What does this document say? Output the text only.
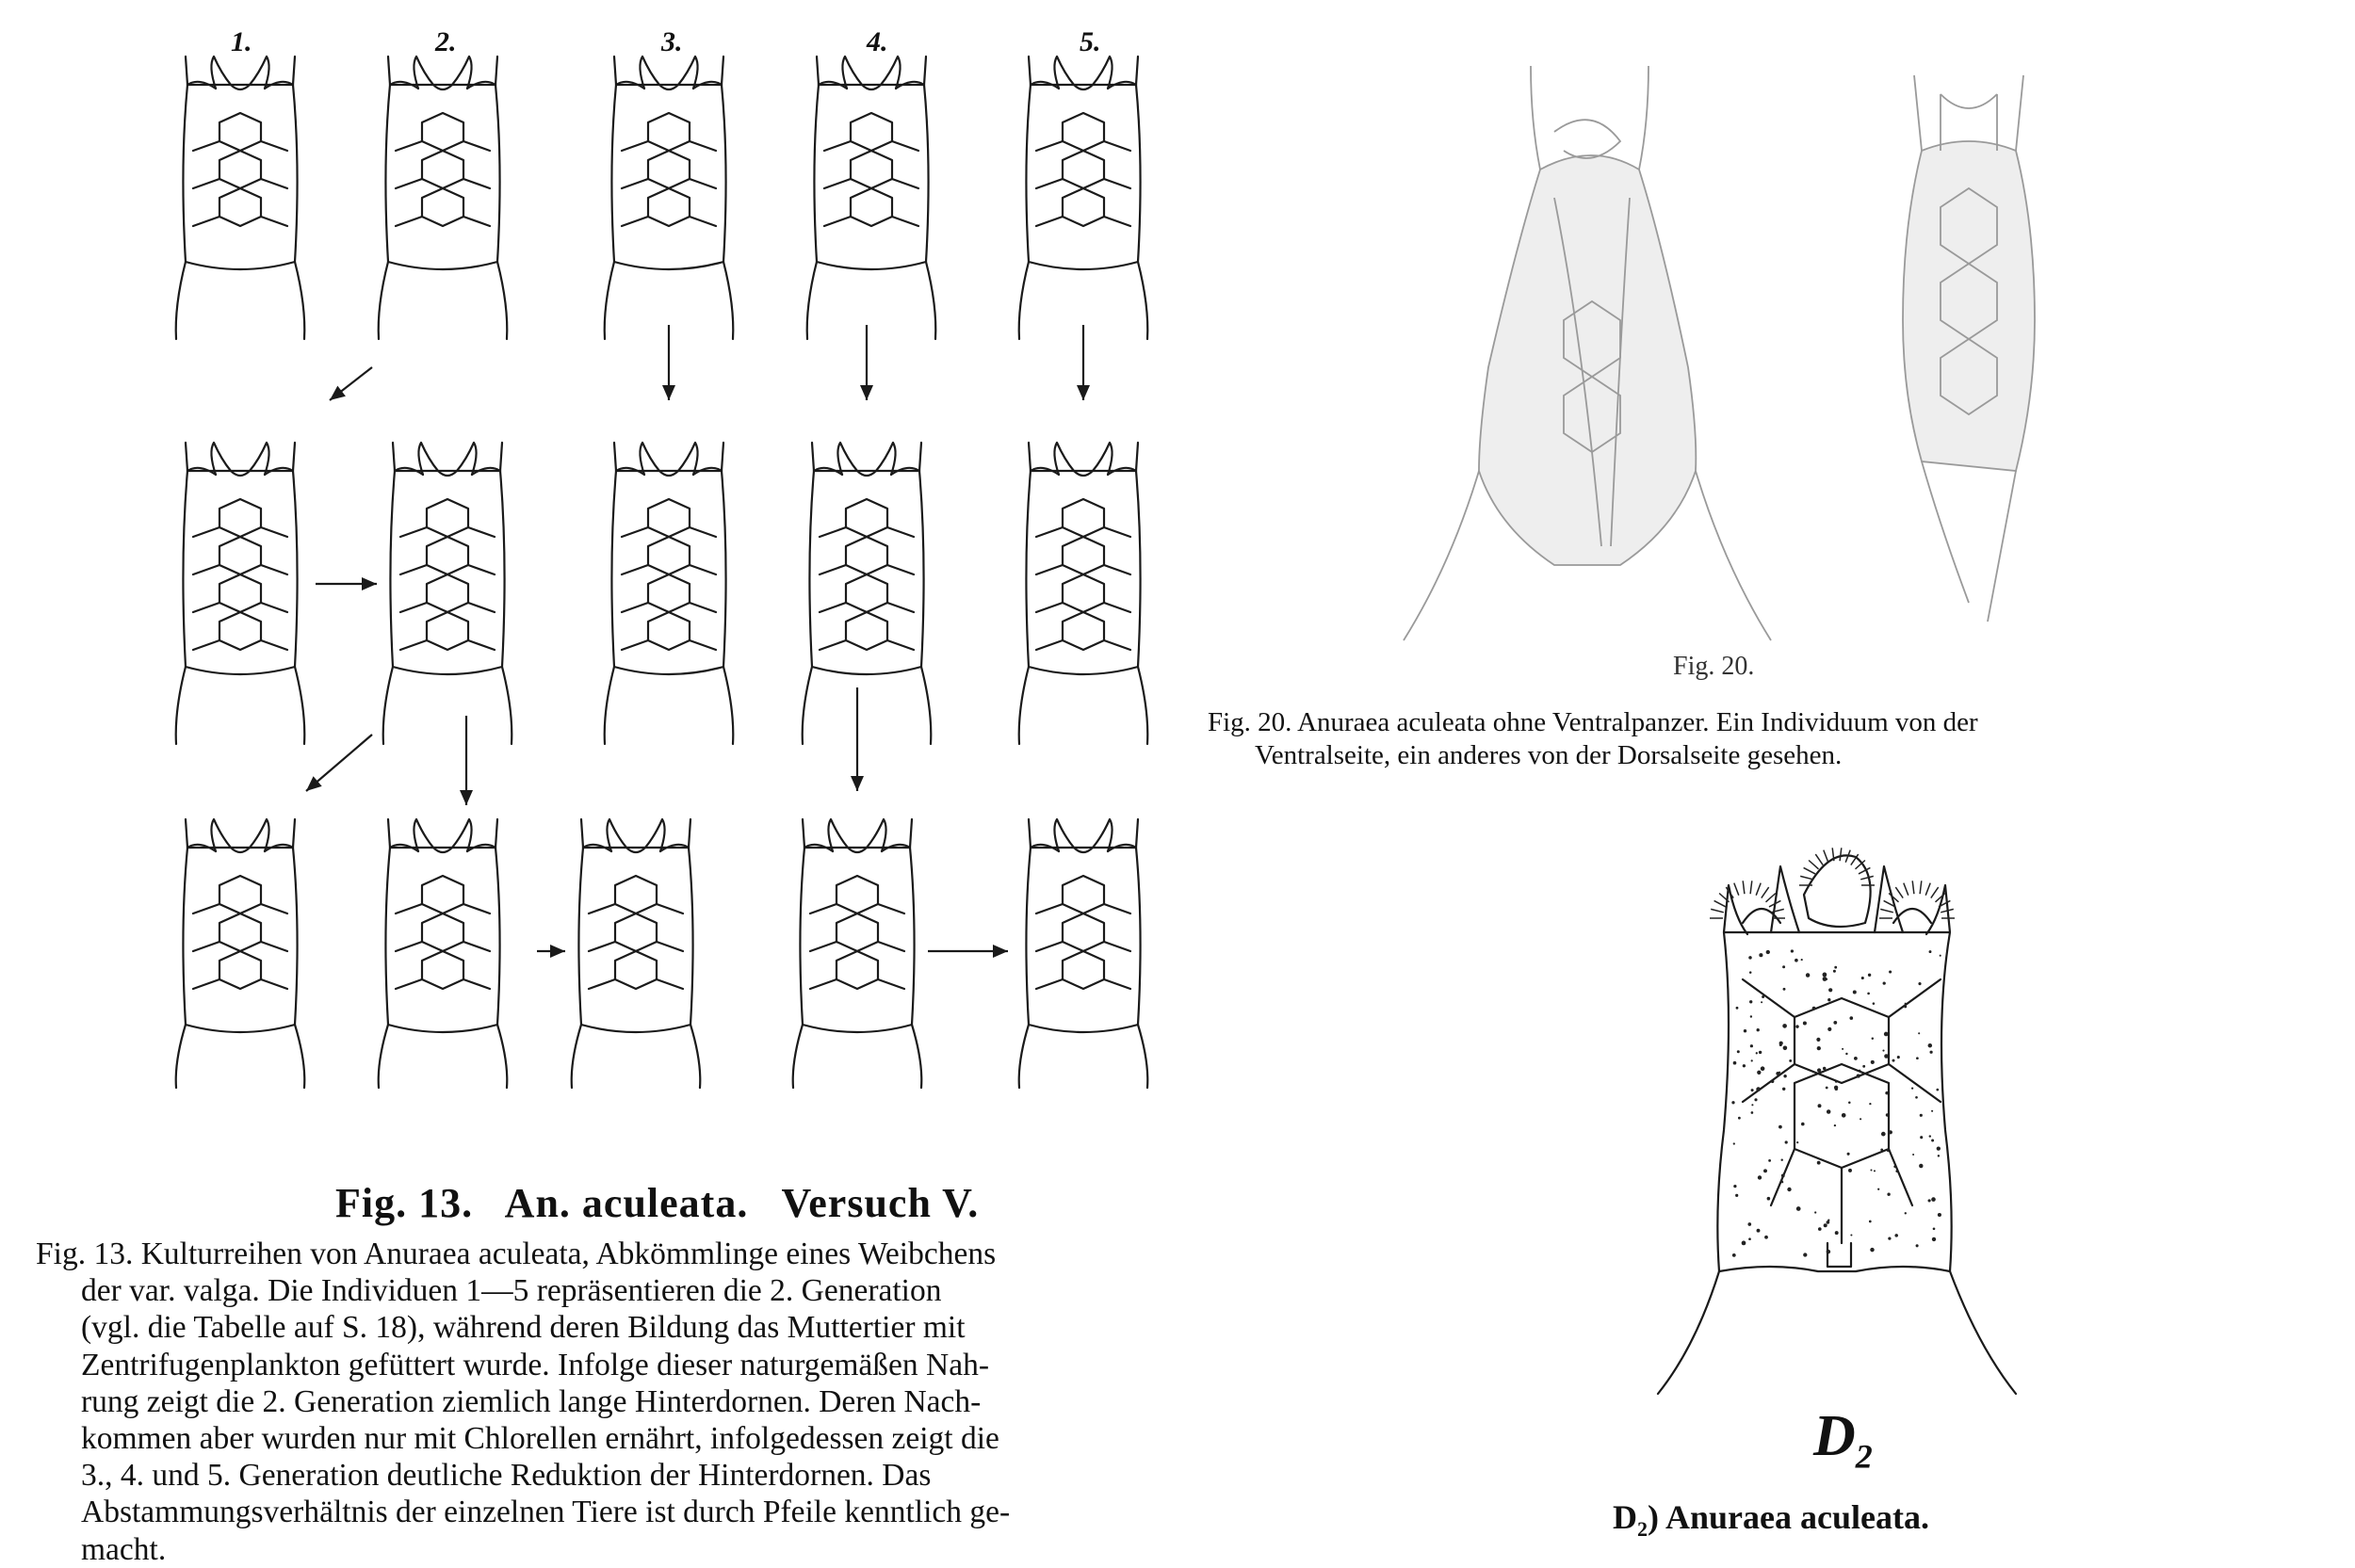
1.	2.	3.	4.	5.
Fig. 13.   An. aculeata.   Versuch V.
Fig. 13. Kulturreihen von Anuraea aculeata, Abkömmlinge eines Weibchens
der var. valga. Die Individuen 1—5 repräsentieren die 2. Generation
(vgl. die Tabelle auf S. 18), während deren Bildung das Muttertier mit
Zentrifugenplankton gefüttert wurde. Infolge dieser naturgemäßen Nah-
rung zeigt die 2. Generation ziemlich lange Hinterdornen. Deren Nach-
kommen aber wurden nur mit Chlorellen ernährt, infolgedessen zeigt die
3., 4. und 5. Generation deutliche Reduktion der Hinterdornen. Das
Abstammungsverhältnis der einzelnen Tiere ist durch Pfeile kenntlich ge-
macht.
Fig. 20.
Fig. 20. Anuraea aculeata ohne Ventralpanzer. Ein Individuum von der
Ventralseite, ein anderes von der Dorsalseite gesehen.
$D_2$
$D_2$) Anuraea aculeata.
